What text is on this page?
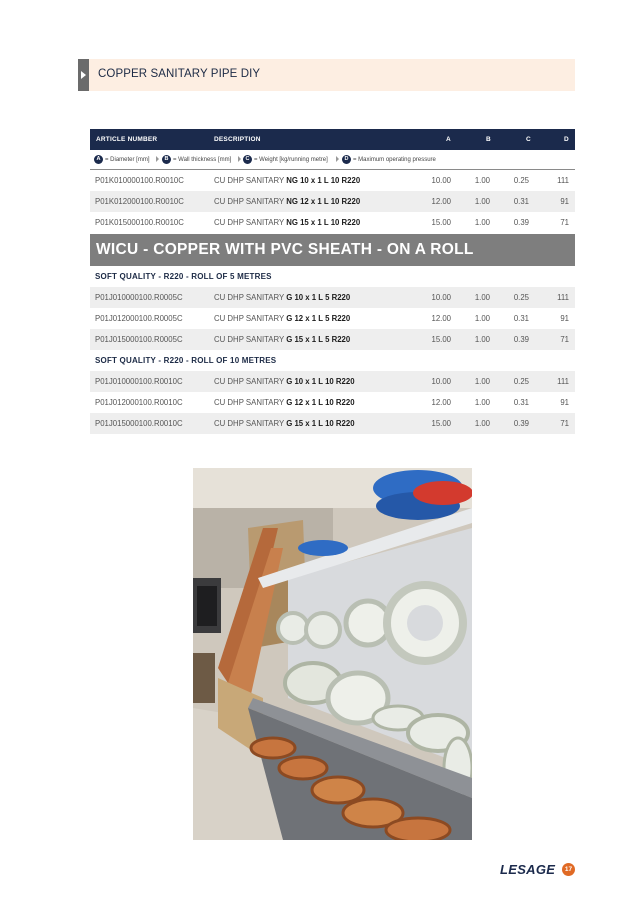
COPPER SANITARY PIPE DIY
ARTICLE NUMBER	DESCRIPTION	A	B	C	D
A = Diameter [mm]	B = Wall thickness [mm]	C = Weight [kg/running metre]	D = Maximum operating pressure
P01K010000100.R0010C	CU DHP SANITARY NG 10 x 1 L 10 R220	10.00	1.00	0.25	111
P01K012000100.R0010C	CU DHP SANITARY NG 12 x 1 L 10 R220	12.00	1.00	0.31	91
P01K015000100.R0010C	CU DHP SANITARY NG 15 x 1 L 10 R220	15.00	1.00	0.39	71
WICU - COPPER WITH PVC SHEATH - ON A ROLL
SOFT QUALITY - R220 - ROLL OF 5 METRES
P01J010000100.R0005C	CU DHP SANITARY G 10 x 1 L 5 R220	10.00	1.00	0.25	111
P01J012000100.R0005C	CU DHP SANITARY G 12 x 1 L 5 R220	12.00	1.00	0.31	91
P01J015000100.R0005C	CU DHP SANITARY G 15 x 1 L 5 R220	15.00	1.00	0.39	71
SOFT QUALITY - R220 - ROLL OF 10 METRES
P01J010000100.R0010C	CU DHP SANITARY G 10 x 1 L 10 R220	10.00	1.00	0.25	111
P01J012000100.R0010C	CU DHP SANITARY G 12 x 1 L 10 R220	12.00	1.00	0.31	91
P01J015000100.R0010C	CU DHP SANITARY G 15 x 1 L 10 R220	15.00	1.00	0.39	71
LESAGE	17
